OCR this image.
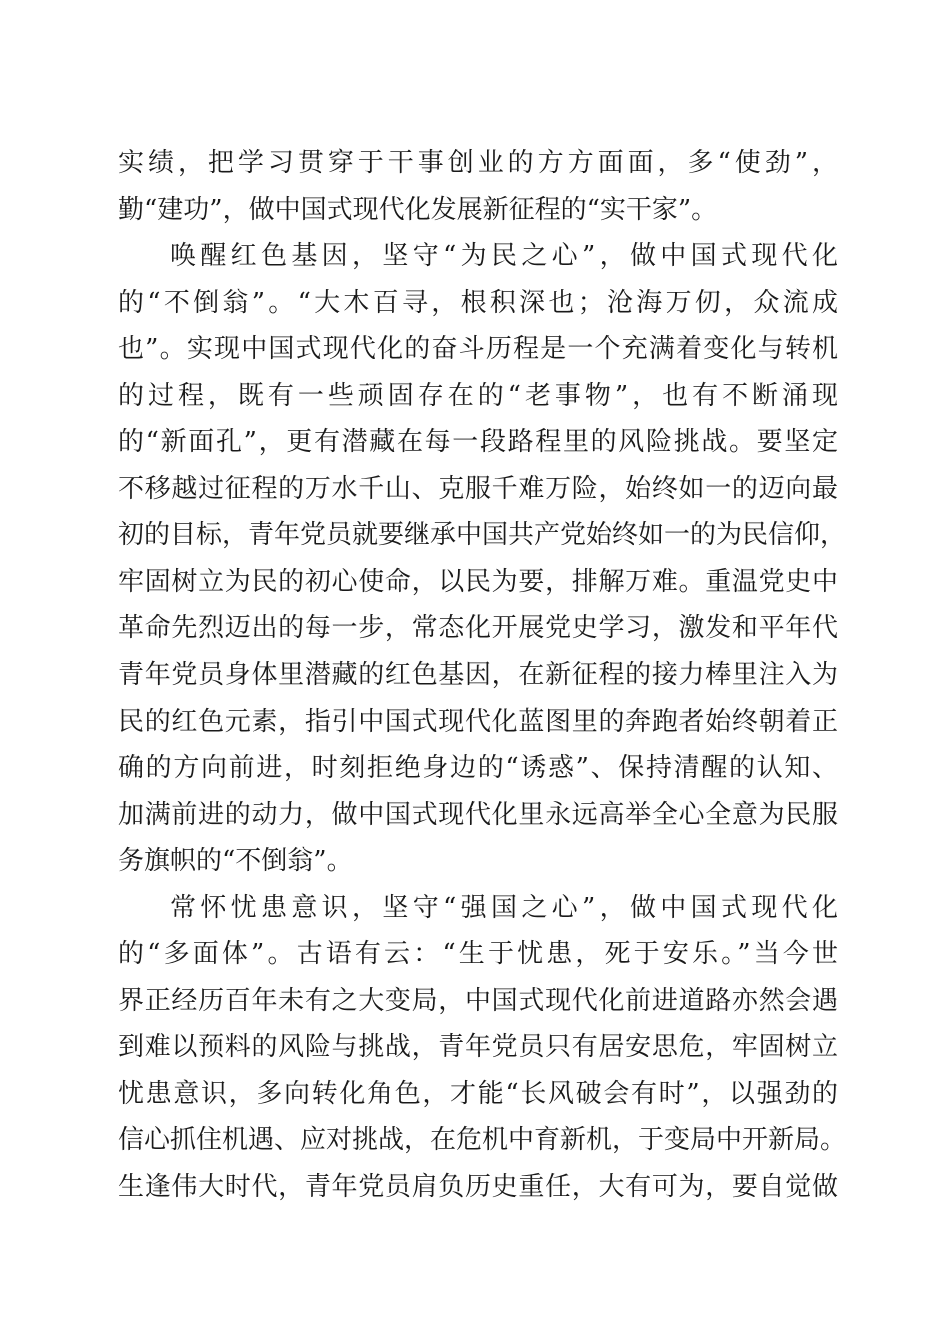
实绩，把学习贯穿于干事创业的方方面面，多“使劲”，
勤“建功”，做中国式现代化发展新征程的“实干家”。
唤醒红色基因，坚守“为民之心”，做中国式现代化
的“不倒翁”。“大木百寻，根积深也；沧海万仞，众流成
也”。实现中国式现代化的奋斗历程是一个充满着变化与转机
的过程，既有一些顽固存在的“老事物”，也有不断涌现
的“新面孔”，更有潜藏在每一段路程里的风险挑战。要坚定
不移越过征程的万水千山、克服千难万险，始终如一的迈向最
初的目标，青年党员就要继承中国共产党始终如一的为民信仰，
牢固树立为民的初心使命，以民为要，排解万难。重温党史中
革命先烈迈出的每一步，常态化开展党史学习，激发和平年代
青年党员身体里潜藏的红色基因，在新征程的接力棒里注入为
民的红色元素，指引中国式现代化蓝图里的奔跑者始终朝着正
确的方向前进，时刻拒绝身边的“诱惑”、保持清醒的认知、
加满前进的动力，做中国式现代化里永远高举全心全意为民服
务旗帜的“不倒翁”。
常怀忧患意识，坚守“强国之心”，做中国式现代化
的“多面体”。古语有云：“生于忧患，死于安乐。”当今世
界正经历百年未有之大变局，中国式现代化前进道路亦然会遇
到难以预料的风险与挑战，青年党员只有居安思危，牢固树立
忧患意识，多向转化角色，才能“长风破会有时”，以强劲的
信心抓住机遇、应对挑战，在危机中育新机，于变局中开新局。
生逢伟大时代，青年党员肩负历史重任，大有可为，要自觉做
